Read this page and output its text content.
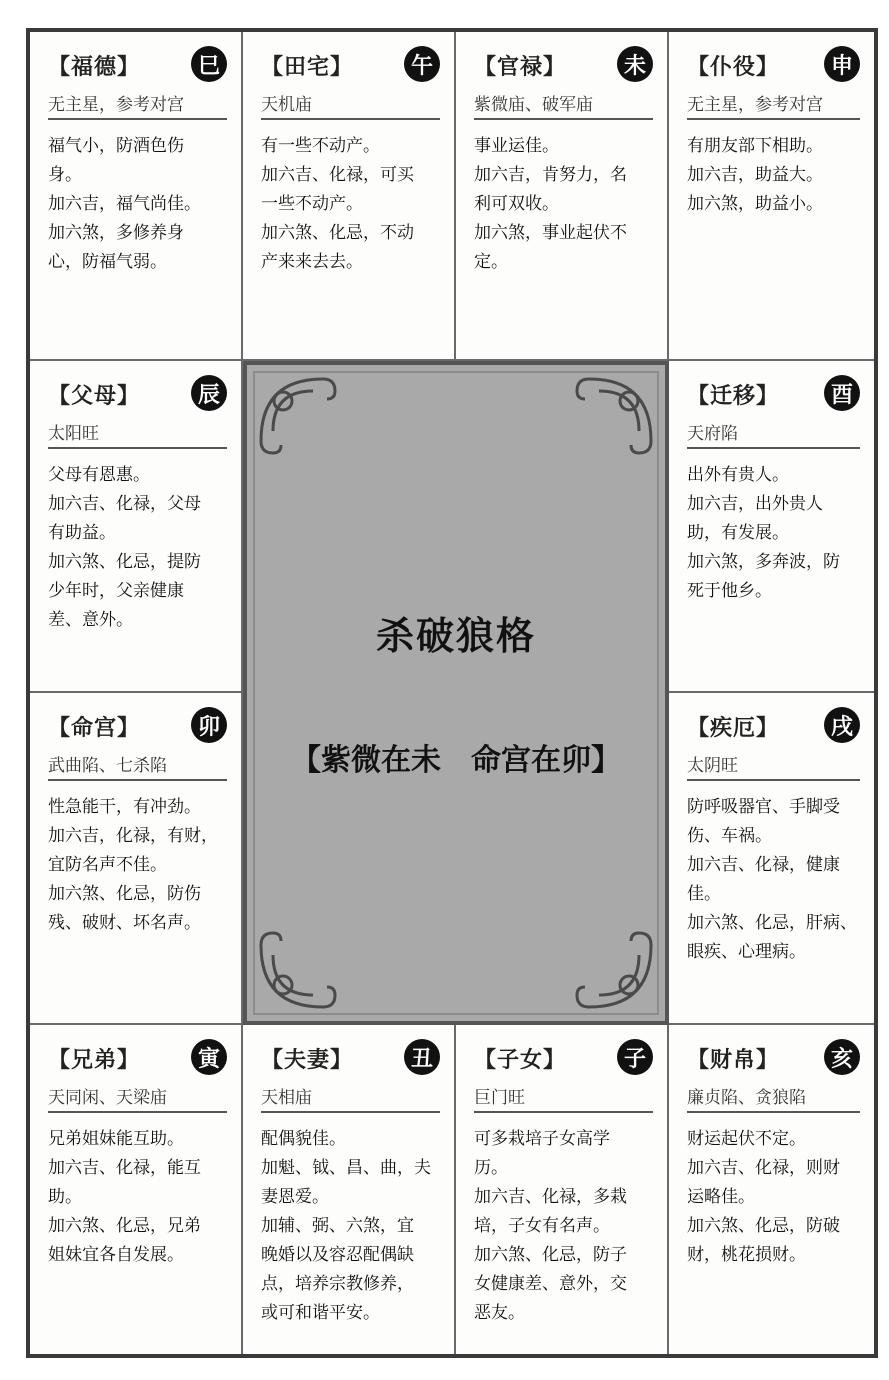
【福德】	巳
无主星，参考对宫
福气小，防酒色伤
身。
加六吉，福气尚佳。
加六煞，多修养身
心，防福气弱。
【田宅】	午
天机庙
有一些不动产。
加六吉、化禄，可买
一些不动产。
加六煞、化忌，不动
产来来去去。
【官禄】	未
紫微庙、破军庙
事业运佳。
加六吉，肯努力，名
利可双收。
加六煞，事业起伏不
定。
【仆役】	申
无主星，参考对宫
有朋友部下相助。
加六吉，助益大。
加六煞，助益小。
【父母】	辰
太阳旺
父母有恩惠。
加六吉、化禄，父母
有助益。
加六煞、化忌，提防
少年时，父亲健康
差、意外。
【迁移】	酉
天府陷
出外有贵人。
加六吉，出外贵人
助，有发展。
加六煞，多奔波，防
死于他乡。
【命宫】	卯
武曲陷、七杀陷
性急能干，有冲劲。
加六吉，化禄，有财，
宜防名声不佳。
加六煞、化忌，防伤
残、破财、坏名声。
【疾厄】	戌
太阴旺
防呼吸器官、手脚受
伤、车祸。
加六吉、化禄，健康
佳。
加六煞、化忌，肝病、
眼疾、心理病。
【兄弟】	寅
天同闲、天梁庙
兄弟姐妹能互助。
加六吉、化禄，能互
助。
加六煞、化忌，兄弟
姐妹宜各自发展。
【夫妻】	丑
天相庙
配偶貌佳。
加魁、钺、昌、曲，夫
妻恩爱。
加辅、弼、六煞，宜
晚婚以及容忍配偶缺
点，培养宗教修养，
或可和谐平安。
【子女】	子
巨门旺
可多栽培子女高学
历。
加六吉、化禄，多栽
培，子女有名声。
加六煞、化忌，防子
女健康差、意外，交
恶友。
【财帛】	亥
廉贞陷、贪狼陷
财运起伏不定。
加六吉、化禄，则财
运略佳。
加六煞、化忌，防破
财，桃花损财。
杀破狼格
【紫微在未　命宫在卯】
